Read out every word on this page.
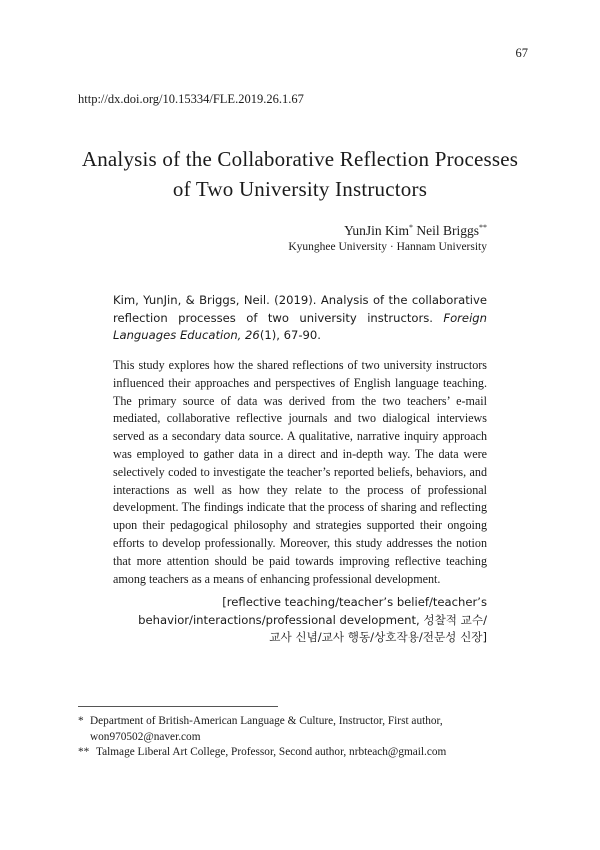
67
http://dx.doi.org/10.15334/FLE.2019.26.1.67
Analysis of the Collaborative Reflection Processes
of Two University Instructors
YunJin Kim* Neil Briggs**
Kyunghee University · Hannam University
Kim, YunJin, & Briggs, Neil. (2019). Analysis of the collaborative reflection processes of two university instructors. Foreign Languages Education, 26(1), 67-90.

This study explores how the shared reflections of two university instructors influenced their approaches and perspectives of English language teaching. The primary source of data was derived from the two teachers’ e-mail mediated, collaborative reflective journals and two dialogical interviews served as a secondary data source. A qualitative, narrative inquiry approach was employed to gather data in a direct and in-depth way. The data were selectively coded to investigate the teacher’s reported beliefs, behaviors, and interactions as well as how they relate to the process of professional development. The findings indicate that the process of sharing and reflecting upon their pedagogical philosophy and strategies supported their ongoing efforts to develop professionally. Moreover, this study addresses the notion that more attention should be paid towards improving reflective teaching among teachers as a means of enhancing professional development.

[reflective teaching/teacher’s belief/teacher’s
behavior/interactions/professional development, 성찰적 교수/
교사 신념/교사 행동/상호작용/전문성 신장]
* Department of British-American Language & Culture, Instructor, First author, won970502@naver.com
** Talmage Liberal Art College, Professor, Second author, nrbteach@gmail.com
